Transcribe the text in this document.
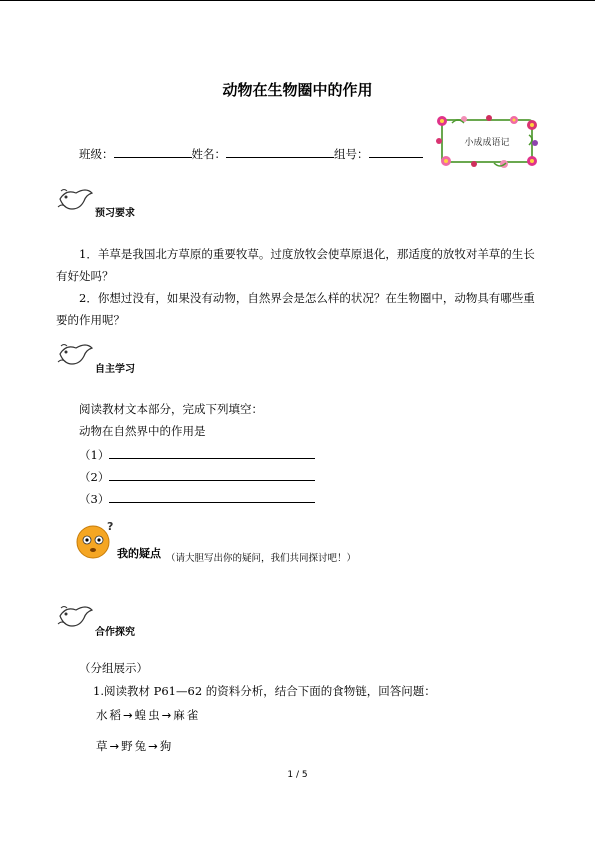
动物在生物圈中的作用
班级：	姓名：	组号：
小成成语记
预习要求
1．羊草是我国北方草原的重要牧草。过度放牧会使草原退化，那适度的放牧对羊草的生长有好处吗？
2．你想过没有，如果没有动物，自然界会是怎么样的状况？在生物圈中，动物具有哪些重要的作用呢？
自主学习
阅读教材文本部分，完成下列填空：
动物在自然界中的作用是
（1）
（2）
（3）
?
我的疑点 （请大胆写出你的疑问，我们共同探讨吧！）
合作探究
（分组展示）
1.阅读教材 P61—62 的资料分析，结合下面的食物链，回答问题：
水稻→蝗虫→麻雀
草→野兔→狗
1 / 5
